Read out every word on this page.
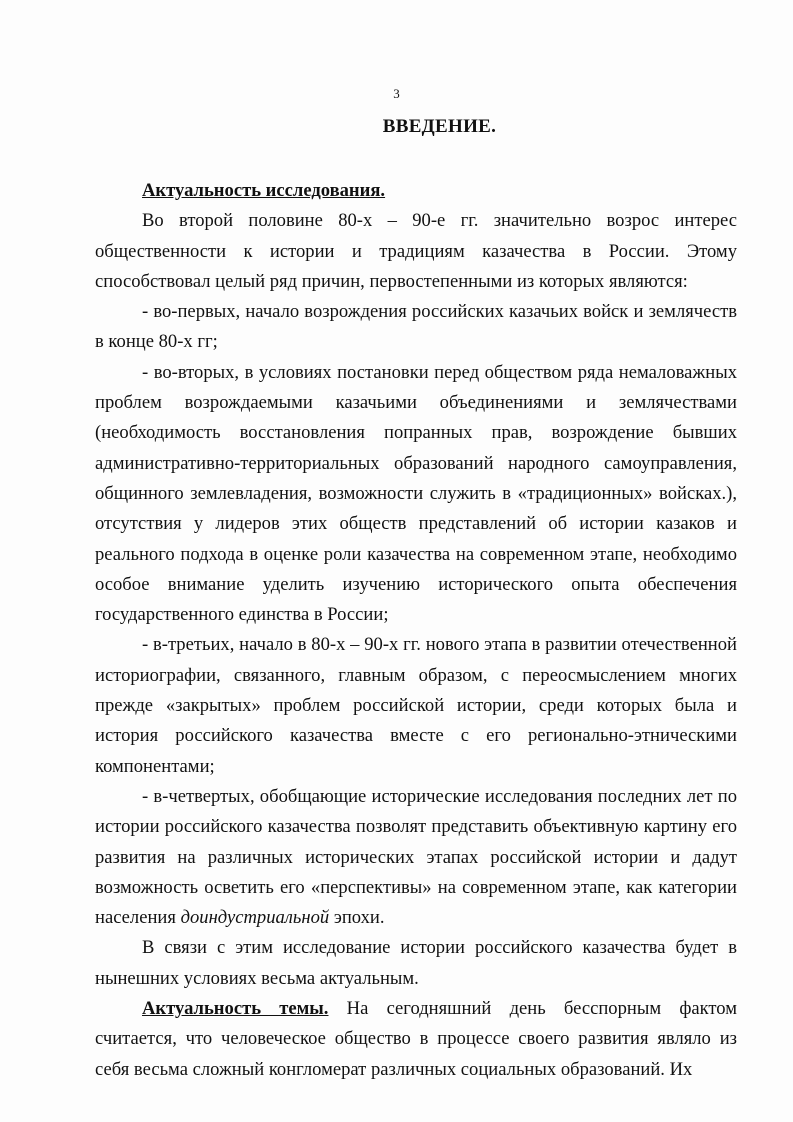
3
ВВЕДЕНИЕ.

Актуальность исследования.

Во второй половине 80-х – 90-е гг. значительно возрос интерес общественности к истории и традициям казачества в России. Этому способствовал целый ряд причин, первостепенными из которых являются:

- во-первых, начало возрождения российских казачьих войск и землячеств в конце 80-х гг;

- во-вторых, в условиях постановки перед обществом ряда немаловажных проблем возрождаемыми казачьими объединениями и землячествами (необходимость восстановления попранных прав, возрождение бывших административно-территориальных образований народного самоуправления, общинного землевладения, возможности служить в «традиционных» войсках.), отсутствия у лидеров этих обществ представлений об истории казаков и реального подхода в оценке роли казачества на современном этапе, необходимо особое внимание уделить изучению исторического опыта обеспечения государственного единства в России;

- в-третьих, начало в 80-х – 90-х гг. нового этапа в развитии отечественной историографии, связанного, главным образом, с переосмыслением многих прежде «закрытых» проблем российской истории, среди которых была и история российского казачества вместе с его регионально-этническими компонентами;

- в-четвертых, обобщающие исторические исследования последних лет по истории российского казачества позволят представить объективную картину его развития на различных исторических этапах российской истории и дадут возможность осветить его «перспективы» на современном этапе, как категории населения доиндустриальной эпохи.

В связи с этим исследование истории российского казачества будет в нынешних условиях весьма актуальным.

Актуальность темы. На сегодняшний день бесспорным фактом считается, что человеческое общество в процессе своего развития являло из себя весьма сложный конгломерат различных социальных образований. Их
